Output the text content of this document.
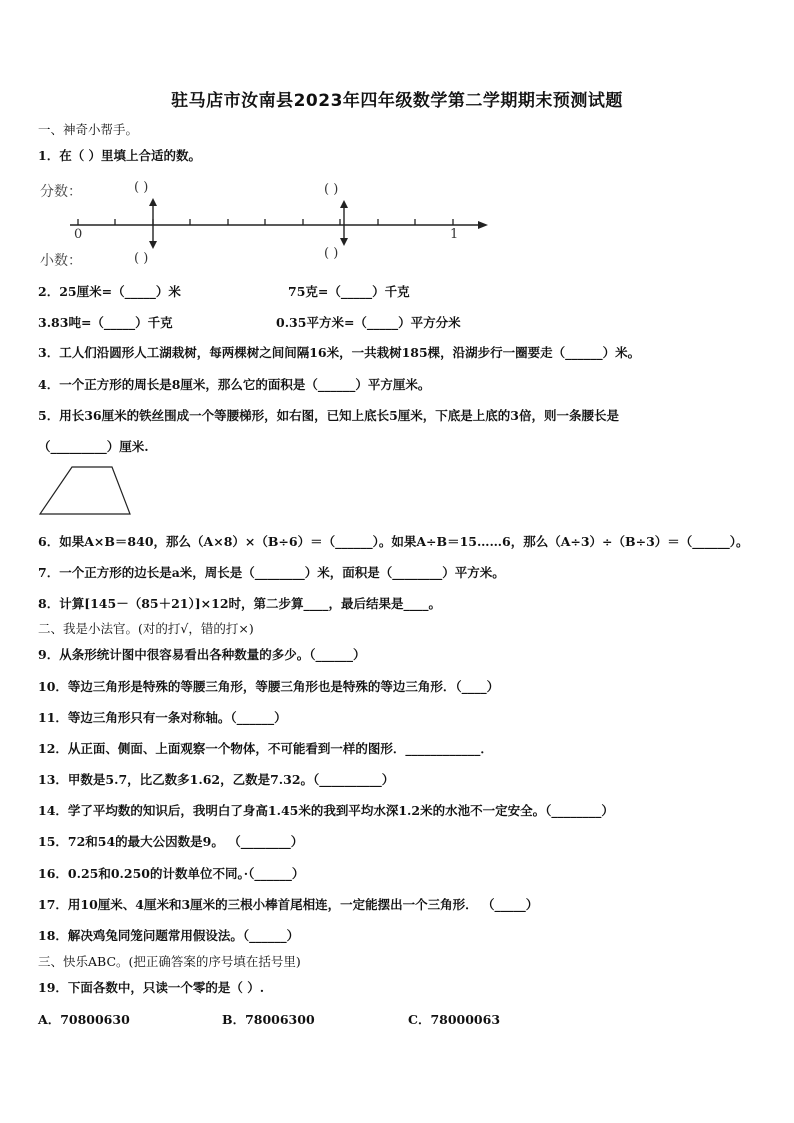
驻马店市汝南县2023年四年级数学第二学期期末预测试题
一、神奇小帮手。
1．在（ ）里填上合适的数。
分数：
小数：
0	1
( )
( )
( )
( )
2．25厘米=（_____）米	75克=（_____）千克
3.83吨=（_____）千克	0.35平方米=（_____）平方分米
3．工人们沿圆形人工湖栽树，每两棵树之间间隔16米，一共栽树185棵，沿湖步行一圈要走（______）米。
4．一个正方形的周长是8厘米，那么它的面积是（______）平方厘米。
5．用长36厘米的铁丝围成一个等腰梯形，如右图，已知上底长5厘米，下底是上底的3倍，则一条腰长是
（_________）厘米.
6．如果A×B＝840，那么（A×8）×（B÷6）＝（______）。如果A÷B＝15……6，那么（A÷3）÷（B÷3）＝（______）。
7．一个正方形的边长是a米，周长是（________）米，面积是（________）平方米。
8．计算[145－（85＋21）]×12时，第二步算____，最后结果是____。
二、我是小法官。(对的打√，错的打×)
9．从条形统计图中很容易看出各种数量的多少。（______）
10．等边三角形是特殊的等腰三角形，等腰三角形也是特殊的等边三角形．（____）
11．等边三角形只有一条对称轴。（______）
12．从正面、侧面、上面观察一个物体，不可能看到一样的图形．____________．
13．甲数是5.7，比乙数多1.62，乙数是7.32。（__________）
14．学了平均数的知识后，我明白了身高1.45米的我到平均水深1.2米的水池不一定安全。（________）
15．72和54的最大公因数是9。 （________）
16．0.25和0.250的计数单位不同。·（______）
17．用10厘米、4厘米和3厘米的三根小棒首尾相连，一定能摆出一个三角形． （_____）
18．解决鸡兔同笼问题常用假设法。（______）
三、快乐ABC。(把正确答案的序号填在括号里)
19．下面各数中，只读一个零的是（ ）.
A．70800630	B．78006300	C．78000063
